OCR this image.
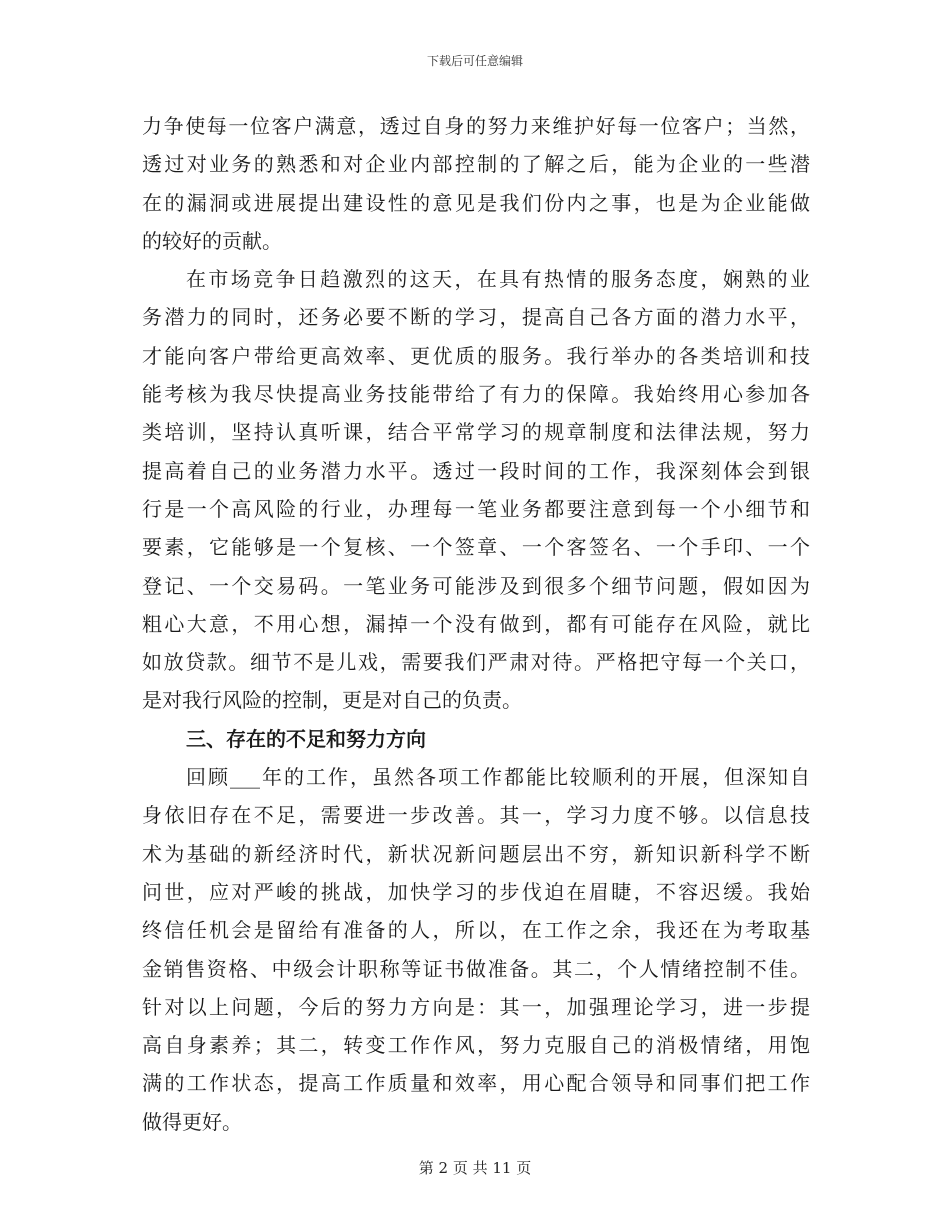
下载后可任意编辑
力争使每一位客户满意，透过自身的努力来维护好每一位客户；当然，
透过对业务的熟悉和对企业内部控制的了解之后，能为企业的一些潜
在的漏洞或进展提出建设性的意见是我们份内之事，也是为企业能做
的较好的贡献。
在市场竞争日趋激烈的这天，在具有热情的服务态度，娴熟的业
务潜力的同时，还务必要不断的学习，提高自己各方面的潜力水平，
才能向客户带给更高效率、更优质的服务。我行举办的各类培训和技
能考核为我尽快提高业务技能带给了有力的保障。我始终用心参加各
类培训，坚持认真听课，结合平常学习的规章制度和法律法规，努力
提高着自己的业务潜力水平。透过一段时间的工作，我深刻体会到银
行是一个高风险的行业，办理每一笔业务都要注意到每一个小细节和
要素，它能够是一个复核、一个签章、一个客签名、一个手印、一个
登记、一个交易码。一笔业务可能涉及到很多个细节问题，假如因为
粗心大意，不用心想，漏掉一个没有做到，都有可能存在风险，就比
如放贷款。细节不是儿戏，需要我们严肃对待。严格把守每一个关口，
是对我行风险的控制，更是对自己的负责。
三、存在的不足和努力方向
回顾___年的工作，虽然各项工作都能比较顺利的开展，但深知自
身依旧存在不足，需要进一步改善。其一，学习力度不够。以信息技
术为基础的新经济时代，新状况新问题层出不穷，新知识新科学不断
问世，应对严峻的挑战，加快学习的步伐迫在眉睫，不容迟缓。我始
终信任机会是留给有准备的人，所以，在工作之余，我还在为考取基
金销售资格、中级会计职称等证书做准备。其二，个人情绪控制不佳。
针对以上问题，今后的努力方向是：其一，加强理论学习，进一步提
高自身素养；其二，转变工作作风，努力克服自己的消极情绪，用饱
满的工作状态，提高工作质量和效率，用心配合领导和同事们把工作
做得更好。
第 2 页 共 11 页
